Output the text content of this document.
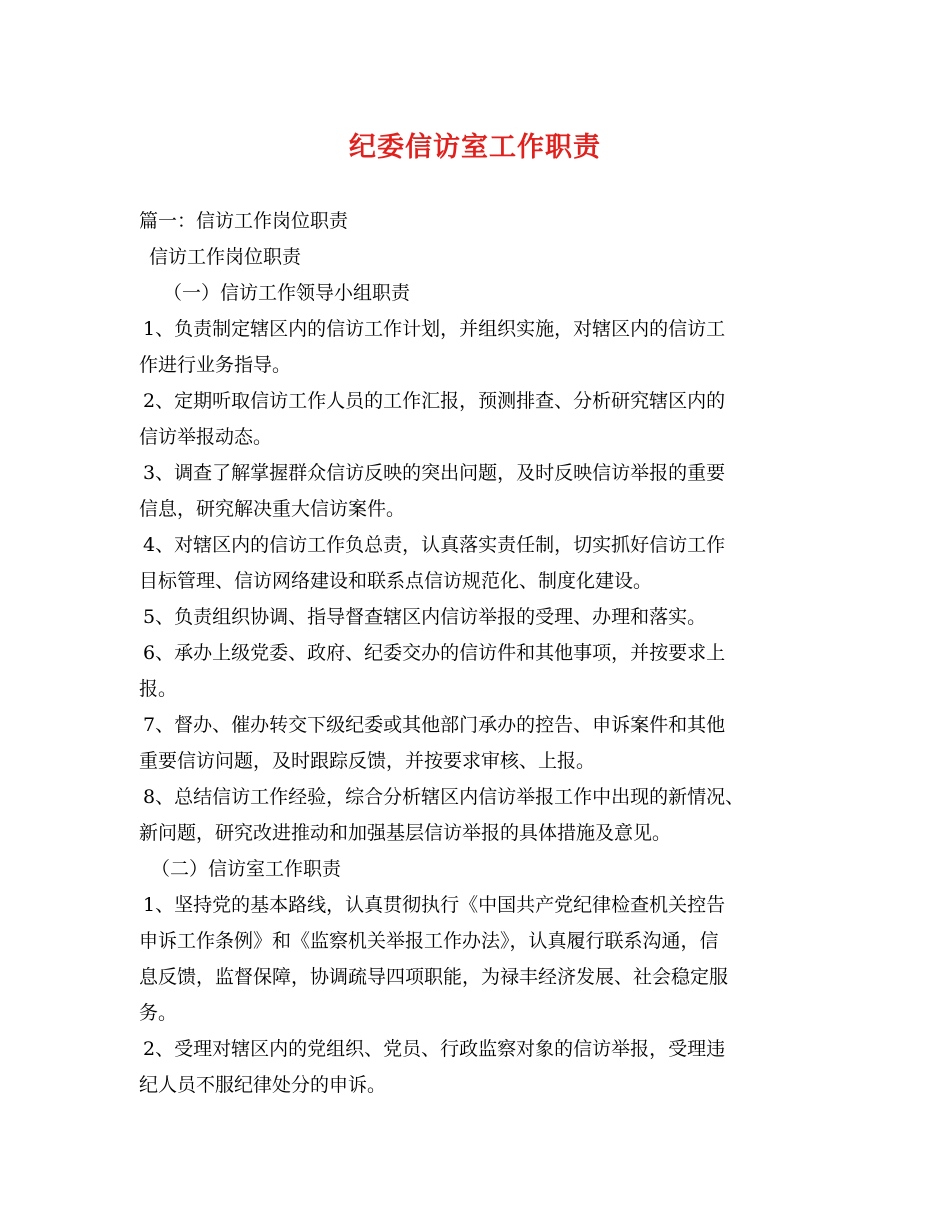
纪委信访室工作职责

篇一：信访工作岗位职责

信访工作岗位职责

（一）信访工作领导小组职责

1、负责制定辖区内的信访工作计划，并组织实施，对辖区内的信访工

作进行业务指导。

2、定期听取信访工作人员的工作汇报，预测排查、分析研究辖区内的

信访举报动态。

3、调查了解掌握群众信访反映的突出问题，及时反映信访举报的重要

信息，研究解决重大信访案件。

4、对辖区内的信访工作负总责，认真落实责任制，切实抓好信访工作

目标管理、信访网络建设和联系点信访规范化、制度化建设。

5、负责组织协调、指导督查辖区内信访举报的受理、办理和落实。

6、承办上级党委、政府、纪委交办的信访件和其他事项，并按要求上

报。

7、督办、催办转交下级纪委或其他部门承办的控告、申诉案件和其他

重要信访问题，及时跟踪反馈，并按要求审核、上报。

8、总结信访工作经验，综合分析辖区内信访举报工作中出现的新情况、

新问题，研究改进推动和加强基层信访举报的具体措施及意见。

（二）信访室工作职责

1、坚持党的基本路线，认真贯彻执行《中国共产党纪律检查机关控告

申诉工作条例》和《监察机关举报工作办法》，认真履行联系沟通，信

息反馈，监督保障，协调疏导四项职能，为禄丰经济发展、社会稳定服

务。

2、受理对辖区内的党组织、党员、行政监察对象的信访举报，受理违

纪人员不服纪律处分的申诉。
